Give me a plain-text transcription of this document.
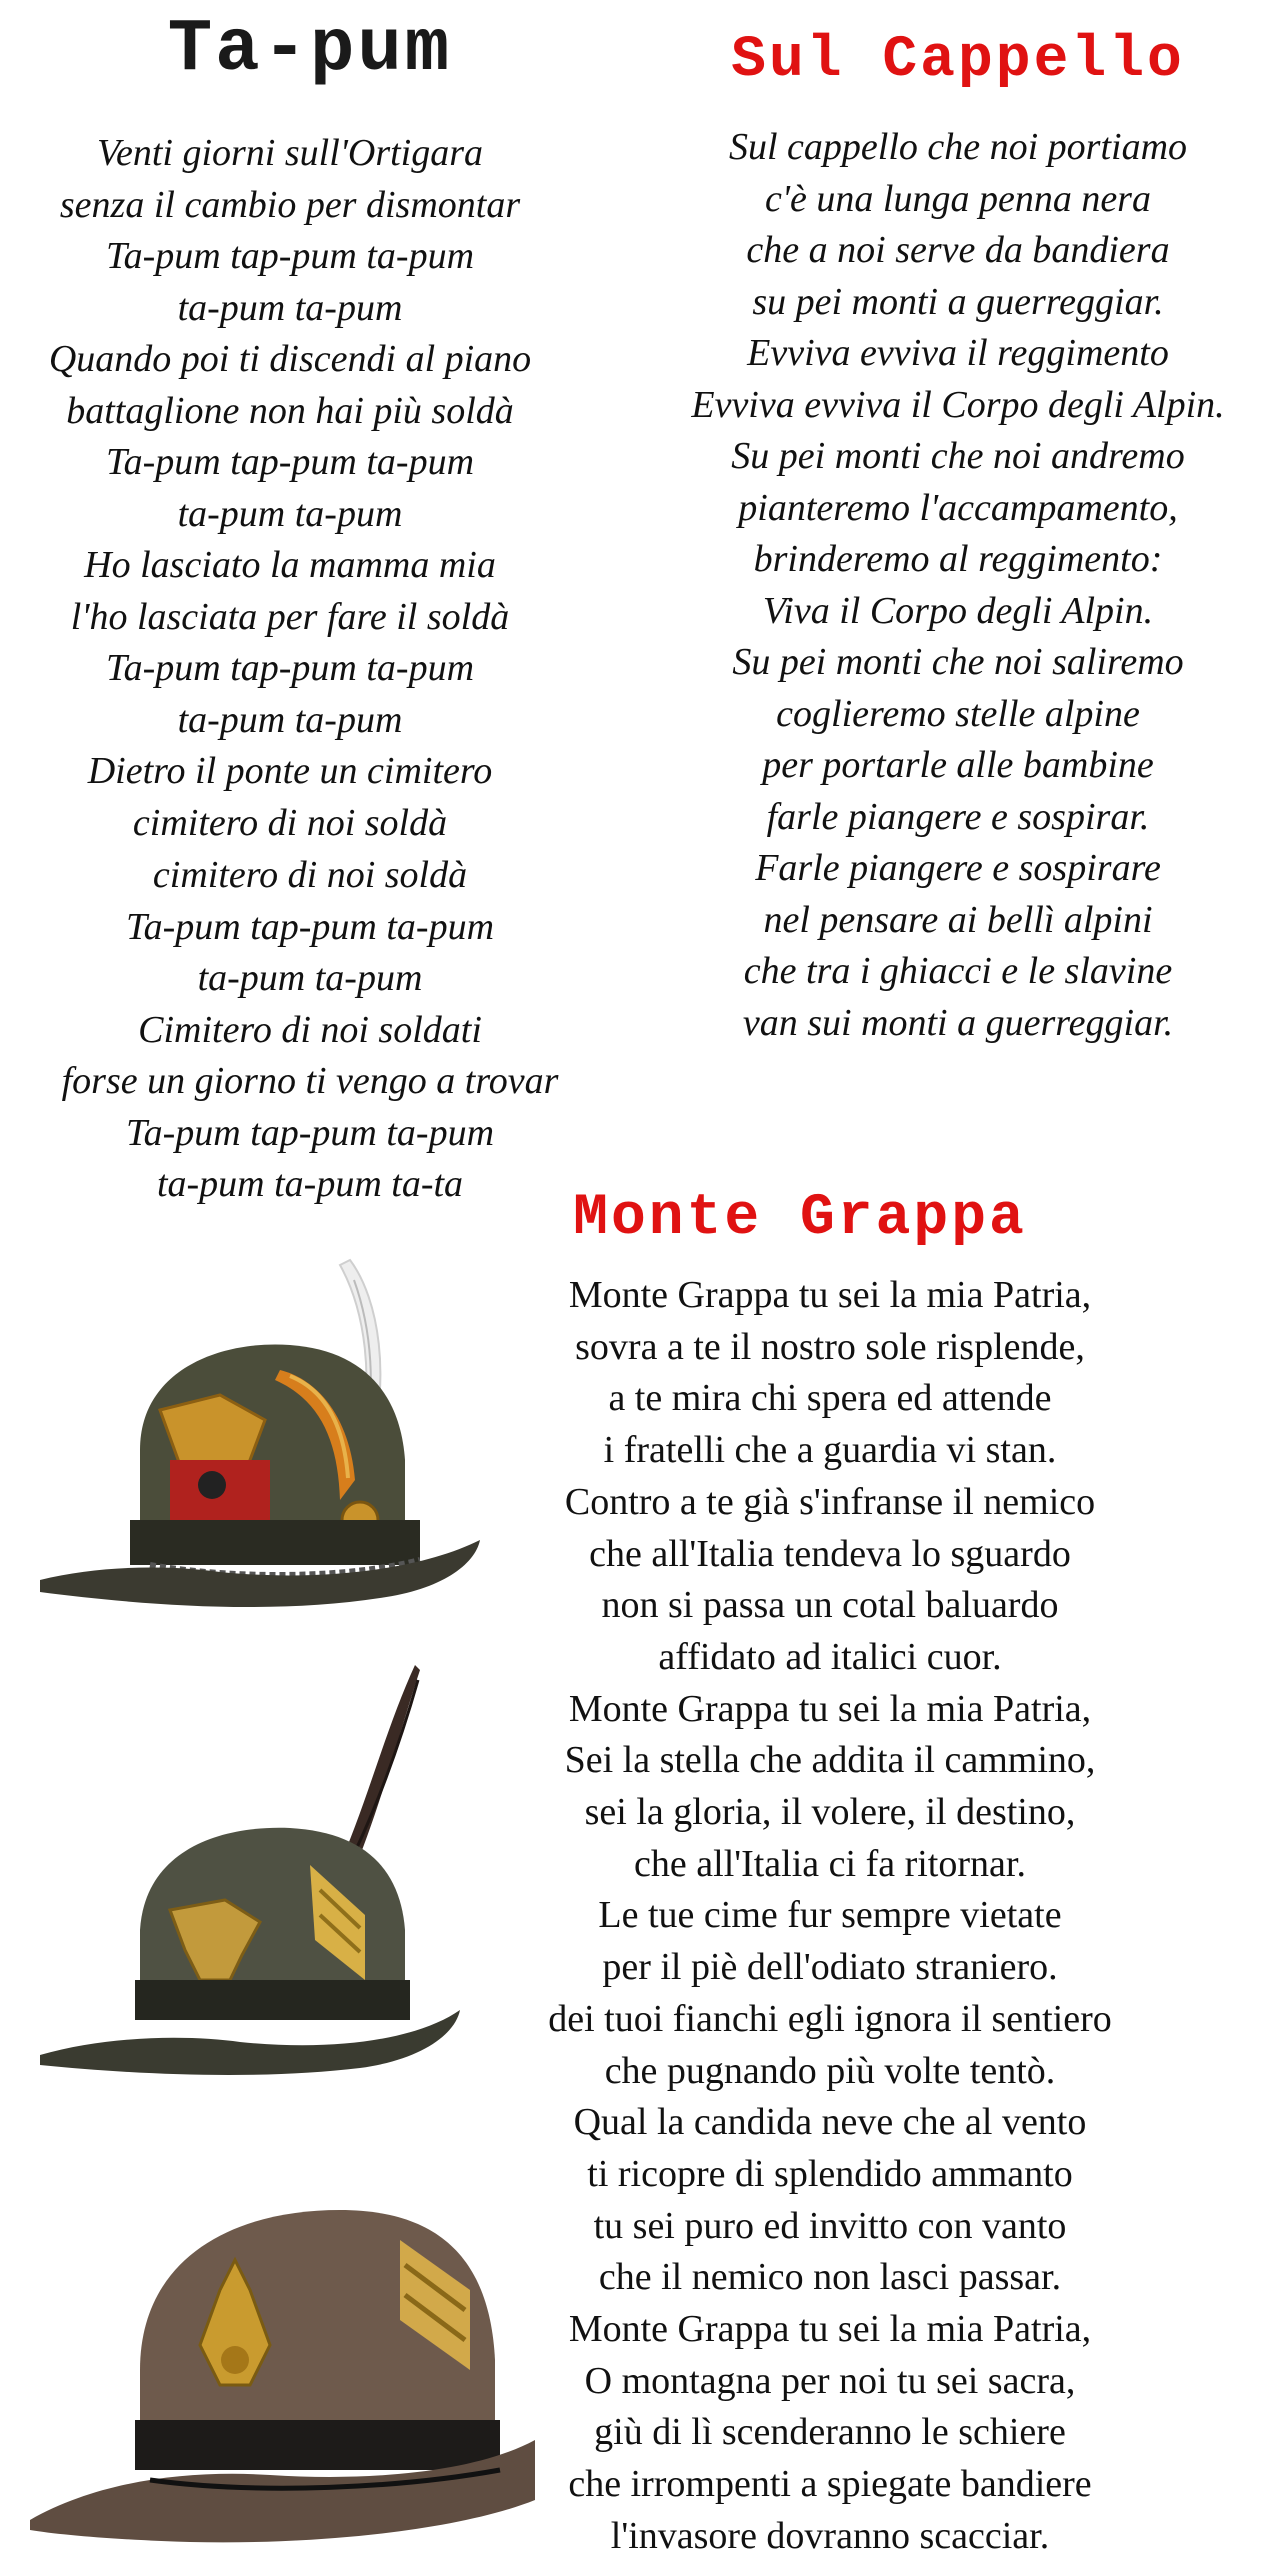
Ta-pum	Sul Cappello
Venti giorni sull'Ortigara
senza il cambio per dismontar
Ta-pum tap-pum ta-pum
ta-pum ta-pum
Quando poi ti discendi al piano
battaglione non hai più soldà
Ta-pum tap-pum ta-pum
ta-pum ta-pum
Ho lasciato la mamma mia
l'ho lasciata per fare il soldà
Ta-pum tap-pum ta-pum
ta-pum ta-pum
Dietro il ponte un cimitero
cimitero di noi soldà
cimitero di noi soldà
Ta-pum tap-pum ta-pum
ta-pum ta-pum
Cimitero di noi soldati
forse un giorno ti vengo a trovar
Ta-pum tap-pum ta-pum
ta-pum ta-pum ta-ta
Sul cappello che noi portiamo
c'è una lunga penna nera
che a noi serve da bandiera
su pei monti a guerreggiar.
Evviva evviva il reggimento
Evviva evviva il Corpo degli Alpin.
Su pei monti che noi andremo
pianteremo l'accampamento,
brinderemo al reggimento:
Viva il Corpo degli Alpin.
Su pei monti che noi saliremo
coglieremo stelle alpine
per portarle alle bambine
farle piangere e sospirar.
Farle piangere e sospirare
nel pensare ai bellì alpini
che tra i ghiacci e le slavine
van sui monti a guerreggiar.
Monte Grappa
Monte Grappa tu sei la mia Patria,
sovra a te il nostro sole risplende,
a te mira chi spera ed attende
i fratelli che a guardia vi stan.
Contro a te già s'infranse il nemico
che all'Italia tendeva lo sguardo
non si passa un cotal baluardo
affidato ad italici cuor.
Monte Grappa tu sei la mia Patria,
Sei la stella che addita il cammino,
sei la gloria, il volere, il destino,
che all'Italia ci fa ritornar.
Le tue cime fur sempre vietate
per il piè dell'odiato straniero.
dei tuoi fianchi egli ignora il sentiero
che pugnando più volte tentò.
Qual la candida neve che al vento
ti ricopre di splendido ammanto
tu sei puro ed invitto con vanto
che il nemico non lasci passar.
Monte Grappa tu sei la mia Patria,
O montagna per noi tu sei sacra,
giù di lì scenderanno le schiere
che irrompenti a spiegate bandiere
l'invasore dovranno scacciar.
